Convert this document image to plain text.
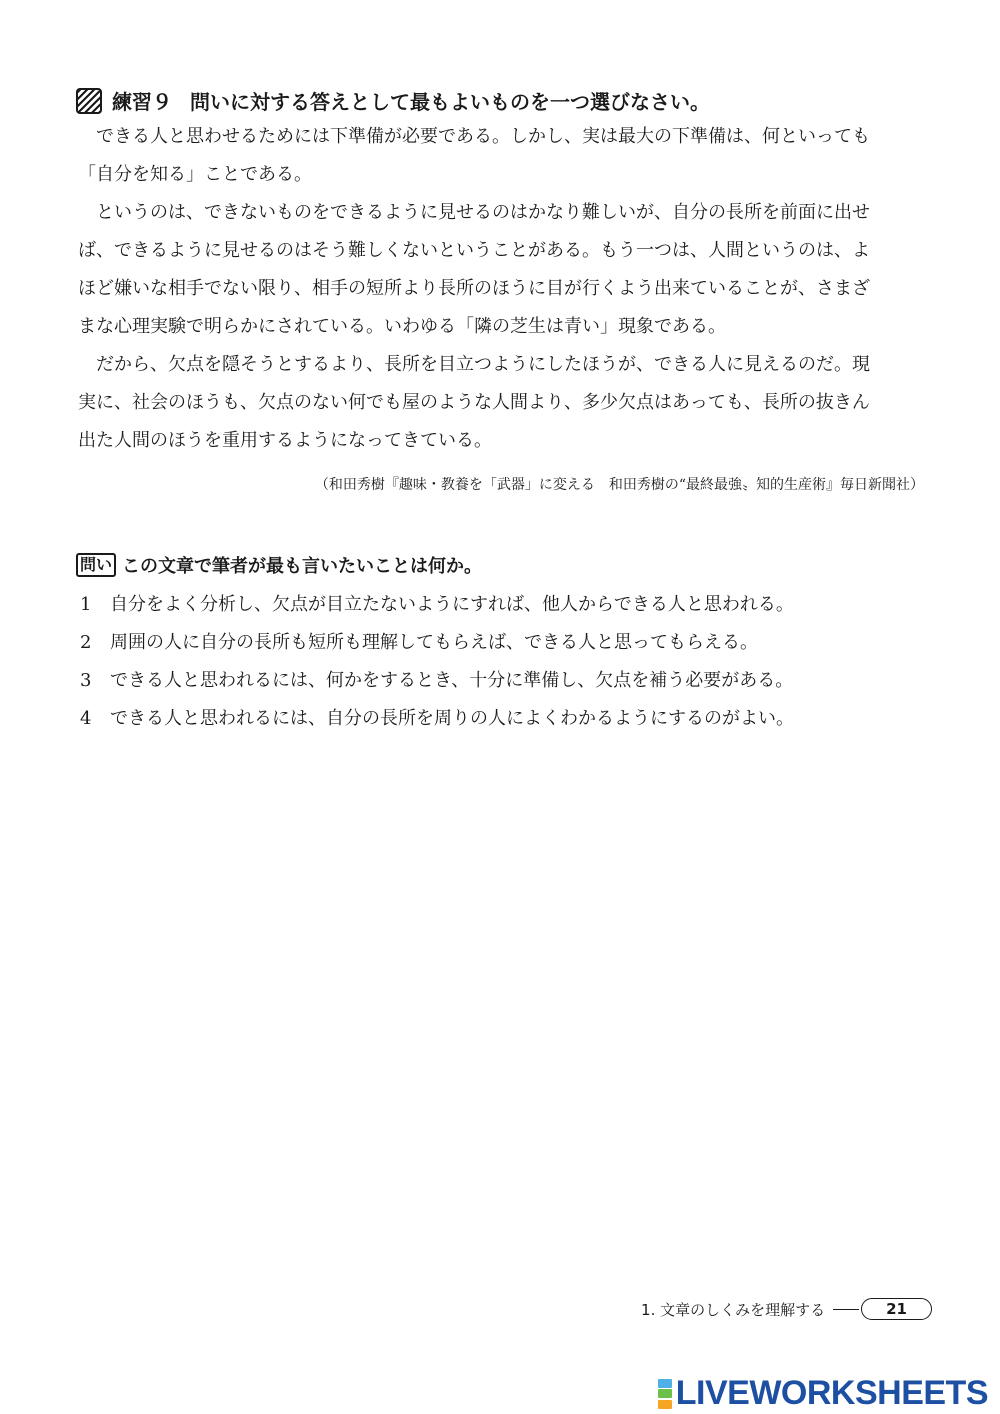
練習９ 問いに対する答えとして最もよいものを一つ選びなさい。
できる人と思わせるためには下準備が必要である。しかし、実は最大の下準備は、何といっても
「自分を知る」ことである。
というのは、できないものをできるように見せるのはかなり難しいが、自分の長所を前面に出せ
ば、できるように見せるのはそう難しくないということがある。もう一つは、人間というのは、よ
ほど嫌いな相手でない限り、相手の短所より長所のほうに目が行くよう出来ていることが、さまざ
まな心理実験で明らかにされている。いわゆる「隣の芝生は青い」現象である。
だから、欠点を隠そうとするより、長所を目立つようにしたほうが、できる人に見えるのだ。現
実に、社会のほうも、欠点のない何でも屋のような人間より、多少欠点はあっても、長所の抜きん
出た人間のほうを重用するようになってきている。
（和田秀樹『趣味・教養を「武器」に変える　和田秀樹の“最終最強〟知的生産術』毎日新聞社）
問い この文章で筆者が最も言いたいことは何か。
1	自分をよく分析し、欠点が目立たないようにすれば、他人からできる人と思われる。
2	周囲の人に自分の長所も短所も理解してもらえば、できる人と思ってもらえる。
3	できる人と思われるには、何かをするとき、十分に準備し、欠点を補う必要がある。
4	できる人と思われるには、自分の長所を周りの人によくわかるようにするのがよい。
1. 文章のしくみを理解する	21
LIVEWORKSHEETS
